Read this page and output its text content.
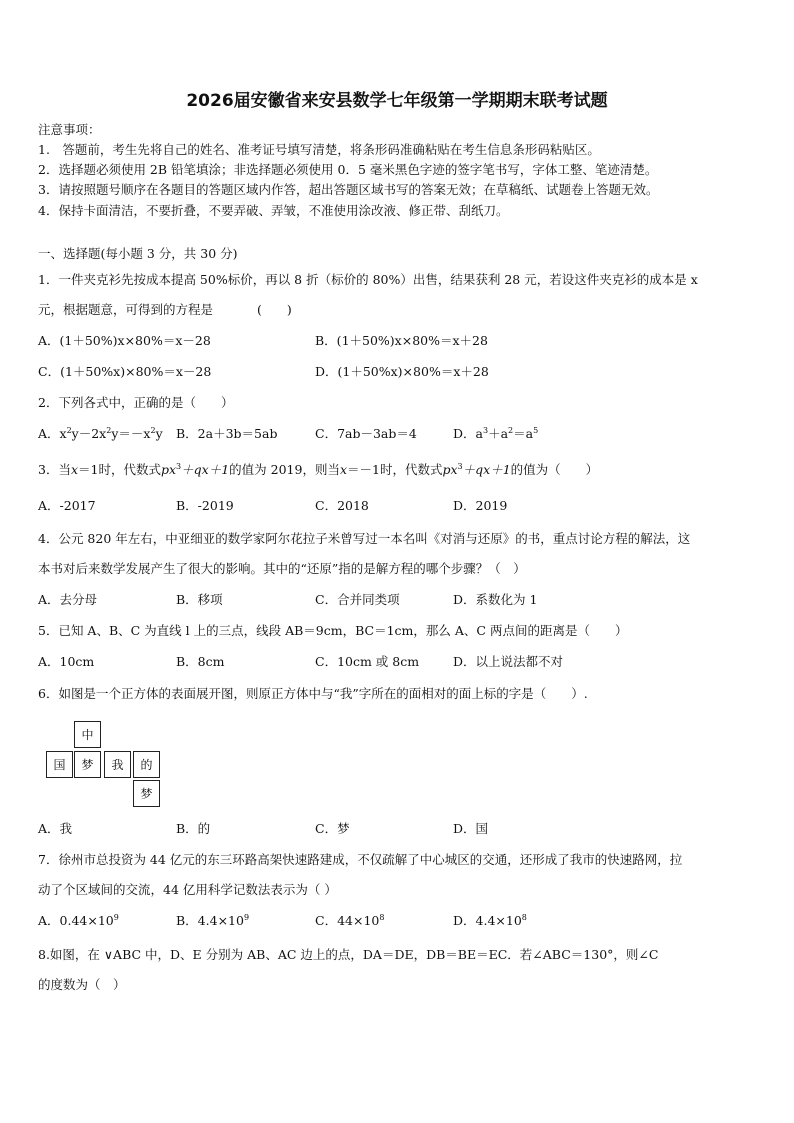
2026届安徽省来安县数学七年级第一学期期末联考试题
注意事项：
1.　答题前，考生先将自己的姓名、准考证号填写清楚，将条形码准确粘贴在考生信息条形码粘贴区。
2．选择题必须使用 2B 铅笔填涂；非选择题必须使用 0．5 毫米黑色字迹的签字笔书写，字体工整、笔迹清楚。
3．请按照题号顺序在各题目的答题区域内作答，超出答题区域书写的答案无效；在草稿纸、试题卷上答题无效。
4．保持卡面清洁，不要折叠，不要弄破、弄皱，不准使用涂改液、修正带、刮纸刀。
一、选择题(每小题 3 分，共 30 分)
1．一件夹克衫先按成本提高 50%标价，再以 8 折（标价的 80%）出售，结果获利 28 元，若设这件夹克衫的成本是 x
元，根据题意，可得到的方程是	(　　)
A．(1＋50%)x×80%＝x－28	B．(1＋50%)x×80%＝x＋28
C．(1＋50%x)×80%＝x－28	D．(1＋50%x)×80%＝x＋28
2．下列各式中，正确的是（　　）
A．$x^2y-2x^2y=-x^2y$ B．2a＋3b＝5ab	C．7ab－3ab＝4	D．$a^3+a^2=a^5$
3．当x＝1时，代数式$px^3+qx+1$的值为 2019，则当x＝－1时，代数式$px^3+qx+1$的值为（　　）
A．-2017	B．-2019	C．2018	D．2019
4．公元 820 年左右，中亚细亚的数学家阿尔花拉子米曾写过一本名叫《对消与还原》的书，重点讨论方程的解法，这
本书对后来数学发展产生了很大的影响。其中的“还原”指的是解方程的哪个步骤？（　）
A．去分母	B．移项	C．合并同类项	D．系数化为 1
5．已知 A、B、C 为直线 l 上的三点，线段 AB＝9cm，BC＝1cm，那么 A、C 两点间的距离是（　　）
A．10cm	B．8cm	C．10cm 或 8cm	D．以上说法都不对
6．如图是一个正方体的表面展开图，则原正方体中与“我”字所在的面相对的面上标的字是（　　）.
中
国	梦	我	的
梦
A．我	B．的	C．梦	D．国
7．徐州市总投资为 44 亿元的东三环路高架快速路建成，不仅疏解了中心城区的交通，还形成了我市的快速路网，拉
动了个区域间的交流，44 亿用科学记数法表示为（ ）
A．$0.44\times 10^9$	B．$4.4\times 10^9$	C．$44\times 10^8$	D．$4.4\times 10^8$
8.如图，在 ∨ABC 中，D、E 分别为 AB、AC 边上的点，DA＝DE，DB＝BE＝EC．若∠ABC＝130°，则∠C
的度数为（　）
